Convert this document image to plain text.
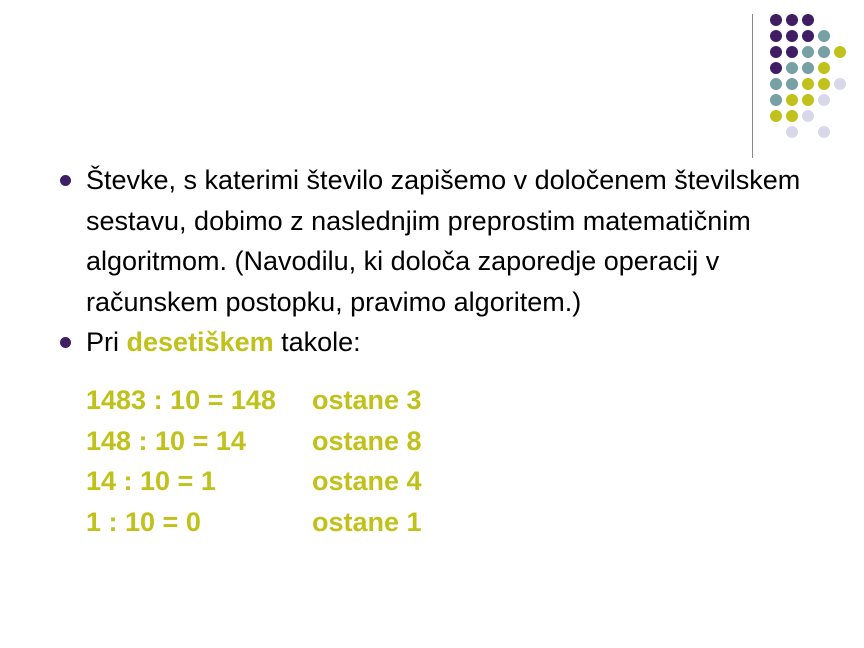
Števke, s katerimi število zapišemo v določenem številskem sestavu, dobimo z naslednjim preprostim matematičnim algoritmom. (Navodilu, ki določa zaporedje operacij v računskem postopku, pravimo algoritem.)
Pri desetiškem takole:
1483 : 10 = 148	ostane 3
148 : 10 = 14	ostane 8
14 : 10 = 1	ostane 4
1 : 10 = 0	ostane 1
